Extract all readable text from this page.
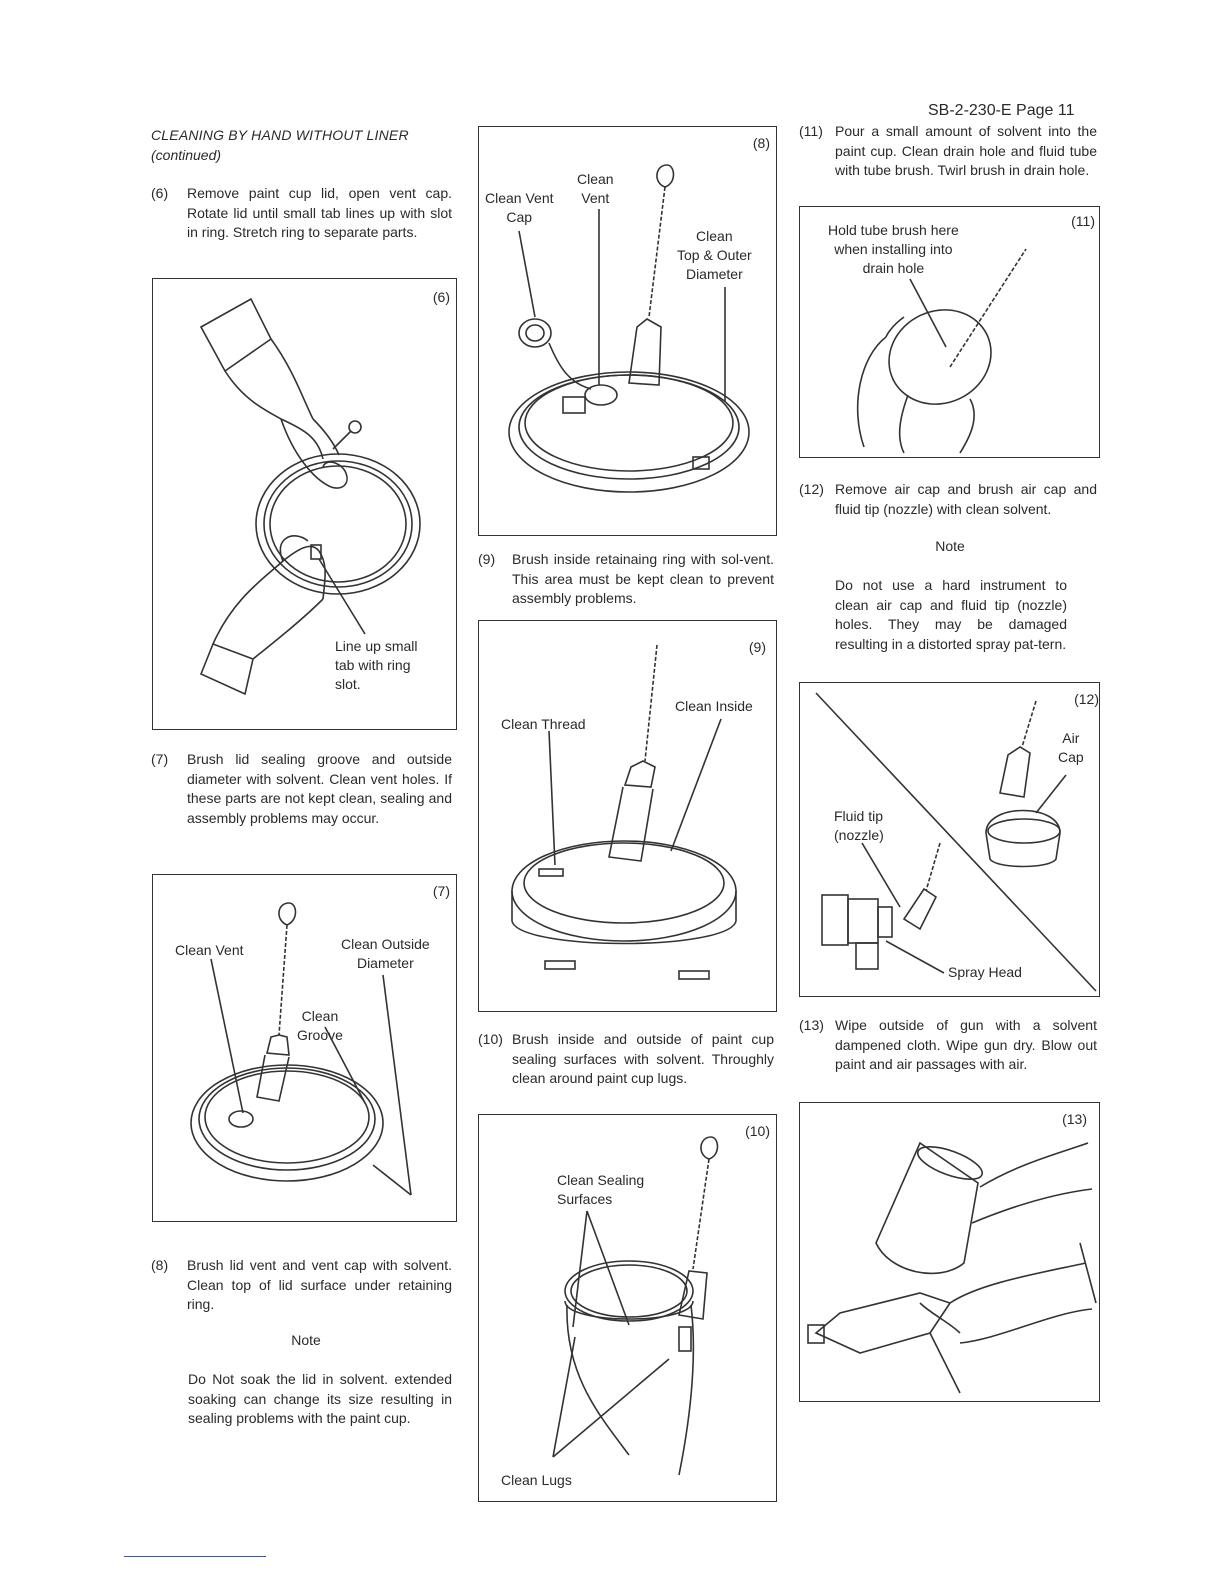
SB-2-230-E Page 11
CLEANING BY HAND WITHOUT LINER
(continued)
(6) Remove paint cup lid, open vent cap. Rotate lid until small tab lines up with slot in ring. Stretch ring to separate parts.
(6)
Line up small
tab with ring
slot.
(7) Brush lid sealing groove and outside diameter with solvent. Clean vent holes. If these parts are not kept clean, sealing and assembly problems may occur.
(7)
Clean Vent	Clean Outside
Diameter
Clean
Groove
(8) Brush lid vent and vent cap with solvent. Clean top of lid surface under retaining ring.
Note
Do Not soak the lid in solvent. extended soaking can change its size resulting in sealing problems with the paint cup.
(8)
Clean Vent
Cap
Clean
Vent
Clean
Top & Outer
Diameter
(9) Brush inside retainaing ring with sol-vent. This area must be kept clean to prevent assembly problems.
(9)
Clean Thread
Clean Inside
(10) Brush inside and outside of paint cup sealing surfaces with solvent. Throughly clean around paint cup lugs.
(10)
Clean Sealing
Surfaces
Clean Lugs
(11) Pour a small amount of solvent into the paint cup. Clean drain hole and fluid tube with tube brush. Twirl brush in drain hole.
(11)
Hold tube brush here
when installing into
drain hole
(12) Remove air cap and brush air cap and fluid tip (nozzle) with clean solvent.
Note
Do not use a hard instrument to clean air cap and fluid tip (nozzle) holes. They may be damaged resulting in a distorted spray pat-tern.
(12)
Air
Cap
Fluid tip
(nozzle)
Spray Head
(13) Wipe outside of gun with a solvent dampened cloth. Wipe gun dry. Blow out paint and air passages with air.
(13)
